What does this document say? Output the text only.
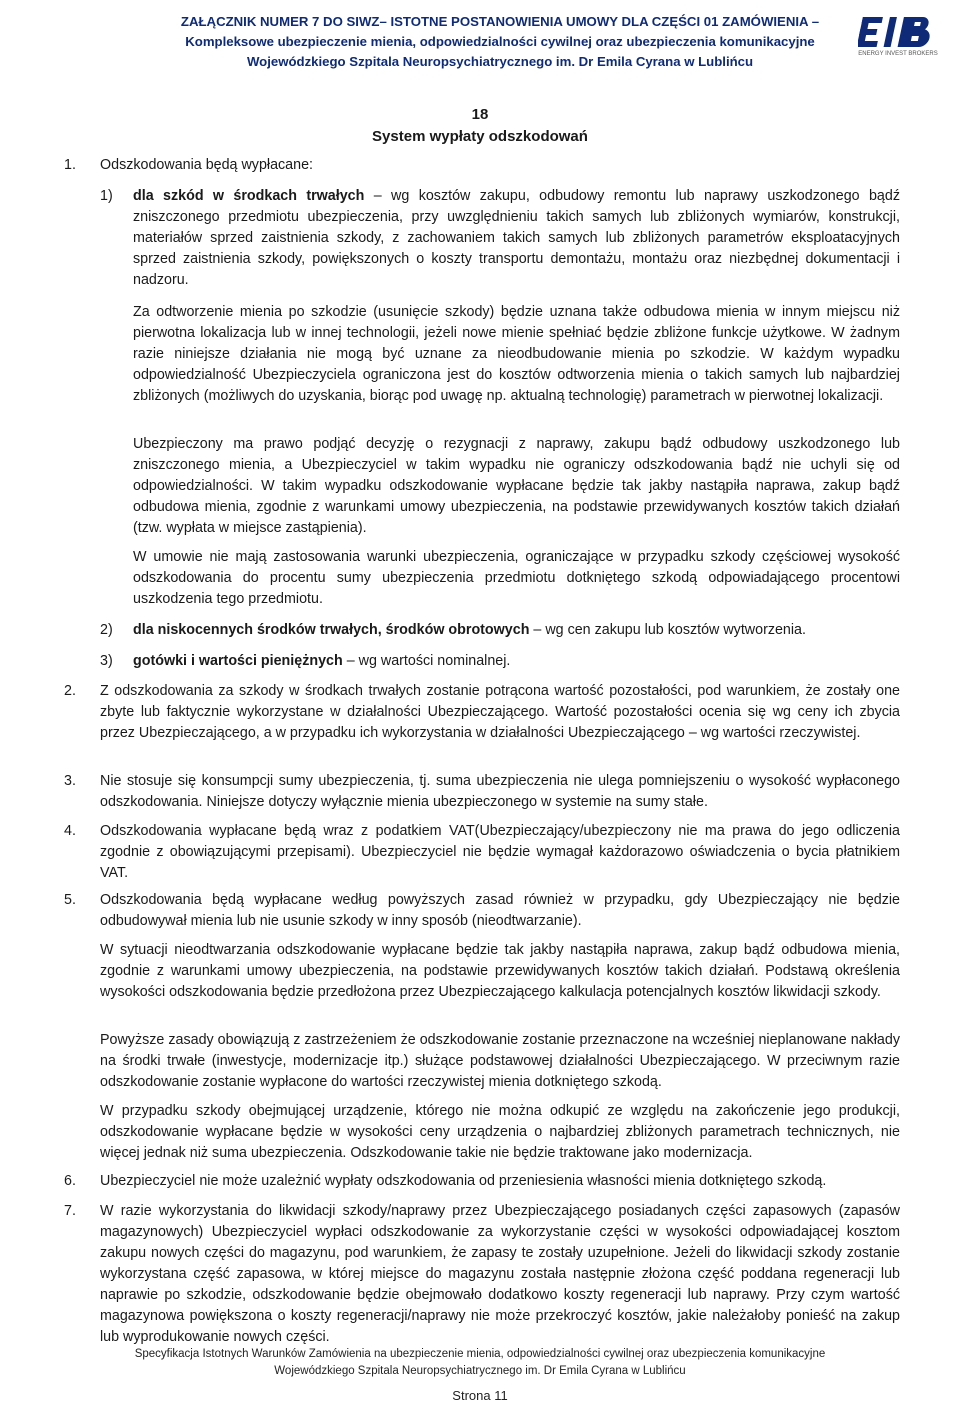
ZAŁĄCZNIK NUMER 7 DO SIWZ– ISTOTNE POSTANOWIENIA UMOWY DLA CZĘŚCI 01 ZAMÓWIENIA –
Kompleksowe ubezpieczenie mienia, odpowiedzialności cywilnej oraz ubezpieczenia komunikacyjne
Wojewódzkiego Szpitala Neuropsychiatrycznego im. Dr Emila Cyrana w Lublińcu	ENERGY INVEST BROKERS
18
System wypłaty odszkodowań
1. Odszkodowania będą wypłacane:
1) dla szkód w środkach trwałych – wg kosztów zakupu, odbudowy remontu lub naprawy uszkodzonego bądź zniszczonego przedmiotu ubezpieczenia, przy uwzględnieniu takich samych lub zbliżonych wymiarów, konstrukcji, materiałów sprzed zaistnienia szkody, z zachowaniem takich samych lub zbliżonych parametrów eksploatacyjnych sprzed zaistnienia szkody, powiększonych o koszty transportu demontażu, montażu oraz niezbędnej dokumentacji i nadzoru.
Za odtworzenie mienia po szkodzie (usunięcie szkody) będzie uznana także odbudowa mienia w innym miejscu niż pierwotna lokalizacja lub w innej technologii, jeżeli nowe mienie spełniać będzie zbliżone funkcje użytkowe. W żadnym razie niniejsze działania nie mogą być uznane za nieodbudowanie mienia po szkodzie. W każdym wypadku odpowiedzialność Ubezpieczyciela ograniczona jest do kosztów odtworzenia mienia o takich samych lub najbardziej zbliżonych (możliwych do uzyskania, biorąc pod uwagę np. aktualną technologię) parametrach w pierwotnej lokalizacji.
Ubezpieczony ma prawo podjąć decyzję o rezygnacji z naprawy, zakupu bądź odbudowy uszkodzonego lub zniszczonego mienia, a Ubezpieczyciel w takim wypadku nie ograniczy odszkodowania bądź nie uchyli się od odpowiedzialności. W takim wypadku odszkodowanie wypłacane będzie tak jakby nastąpiła naprawa, zakup bądź odbudowa mienia, zgodnie z warunkami umowy ubezpieczenia, na podstawie przewidywanych kosztów takich działań (tzw. wypłata w miejsce zastąpienia).
W umowie nie mają zastosowania warunki ubezpieczenia, ograniczające w przypadku szkody częściowej wysokość odszkodowania do procentu sumy ubezpieczenia przedmiotu dotkniętego szkodą odpowiadającego procentowi uszkodzenia tego przedmiotu.
2) dla niskocennych środków trwałych, środków obrotowych – wg cen zakupu lub kosztów wytworzenia.
3) gotówki i wartości pieniężnych – wg wartości nominalnej.
2. Z odszkodowania za szkody w środkach trwałych zostanie potrącona wartość pozostałości, pod warunkiem, że zostały one zbyte lub faktycznie wykorzystane w działalności Ubezpieczającego. Wartość pozostałości ocenia się wg ceny ich zbycia przez Ubezpieczającego, a w przypadku ich wykorzystania w działalności Ubezpieczającego – wg wartości rzeczywistej.
3. Nie stosuje się konsumpcji sumy ubezpieczenia, tj. suma ubezpieczenia nie ulega pomniejszeniu o wysokość wypłaconego odszkodowania. Niniejsze dotyczy wyłącznie mienia ubezpieczonego w systemie na sumy stałe.
4. Odszkodowania wypłacane będą wraz z podatkiem VAT(Ubezpieczający/ubezpieczony nie ma prawa do jego odliczenia zgodnie z obowiązującymi przepisami). Ubezpieczyciel nie będzie wymagał każdorazowo oświadczenia o bycia płatnikiem VAT.
5. Odszkodowania będą wypłacane według powyższych zasad również w przypadku, gdy Ubezpieczający nie będzie odbudowywał mienia lub nie usunie szkody w inny sposób (nieodtwarzanie).
W sytuacji nieodtwarzania odszkodowanie wypłacane będzie tak jakby nastąpiła naprawa, zakup bądź odbudowa mienia, zgodnie z warunkami umowy ubezpieczenia, na podstawie przewidywanych kosztów takich działań. Podstawą określenia wysokości odszkodowania będzie przedłożona przez Ubezpieczającego kalkulacja potencjalnych kosztów likwidacji szkody.
Powyższe zasady obowiązują z zastrzeżeniem że odszkodowanie zostanie przeznaczone na wcześniej nieplanowane nakłady na środki trwałe (inwestycje, modernizacje itp.) służące podstawowej działalności Ubezpieczającego. W przeciwnym razie odszkodowanie zostanie wypłacone do wartości rzeczywistej mienia dotkniętego szkodą.
W przypadku szkody obejmującej urządzenie, którego nie można odkupić ze względu na zakończenie jego produkcji, odszkodowanie wypłacane będzie w wysokości ceny urządzenia o najbardziej zbliżonych parametrach technicznych, nie więcej jednak niż suma ubezpieczenia. Odszkodowanie takie nie będzie traktowane jako modernizacja.
6. Ubezpieczyciel nie może uzależnić wypłaty odszkodowania od przeniesienia własności mienia dotkniętego szkodą.
7. W razie wykorzystania do likwidacji szkody/naprawy przez Ubezpieczającego posiadanych części zapasowych (zapasów magazynowych) Ubezpieczyciel wypłaci odszkodowanie za wykorzystanie części w wysokości odpowiadającej kosztom zakupu nowych części do magazynu, pod warunkiem, że zapasy te zostały uzupełnione. Jeżeli do likwidacji szkody zostanie wykorzystana część zapasowa, w której miejsce do magazynu została następnie złożona część poddana regeneracji lub naprawie po szkodzie, odszkodowanie będzie obejmowało dodatkowo koszty regeneracji lub naprawy. Przy czym wartość magazynowa powiększona o koszty regeneracji/naprawy nie może przekroczyć kosztów, jakie należałoby ponieść na zakup lub wyprodukowanie nowych części.
Specyfikacja Istotnych Warunków Zamówienia na ubezpieczenie mienia, odpowiedzialności cywilnej oraz ubezpieczenia komunikacyjne
Wojewódzkiego Szpitala Neuropsychiatrycznego im. Dr Emila Cyrana w Lublińcu
Strona 11
